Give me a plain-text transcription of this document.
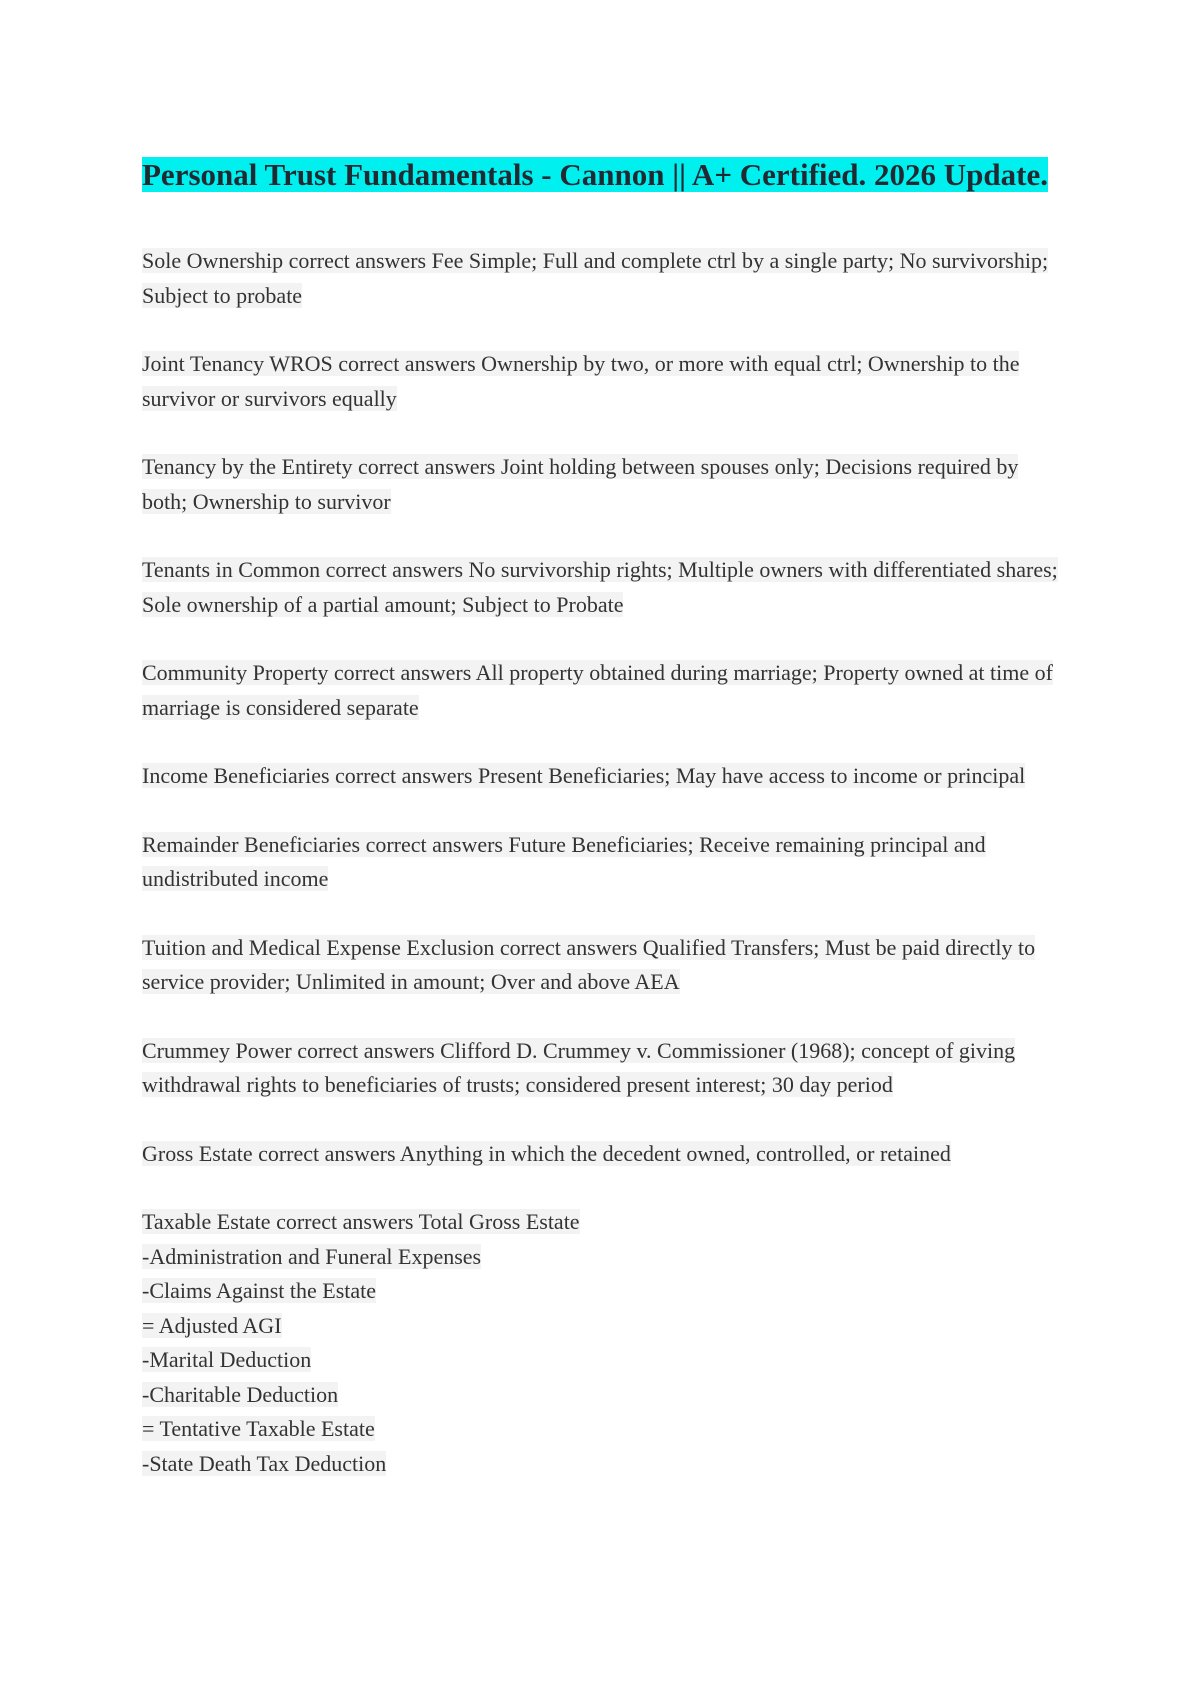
Personal Trust Fundamentals - Cannon || A+ Certified. 2026 Update.

Sole Ownership correct answers Fee Simple; Full and complete ctrl by a single party; No survivorship; Subject to probate

Joint Tenancy WROS correct answers Ownership by two, or more with equal ctrl; Ownership to the survivor or survivors equally

Tenancy by the Entirety correct answers Joint holding between spouses only; Decisions required by both; Ownership to survivor

Tenants in Common correct answers No survivorship rights; Multiple owners with differentiated shares; Sole ownership of a partial amount; Subject to Probate

Community Property correct answers All property obtained during marriage; Property owned at time of marriage is considered separate

Income Beneficiaries correct answers Present Beneficiaries; May have access to income or principal

Remainder Beneficiaries correct answers Future Beneficiaries; Receive remaining principal and undistributed income

Tuition and Medical Expense Exclusion correct answers Qualified Transfers; Must be paid directly to service provider; Unlimited in amount; Over and above AEA

Crummey Power correct answers Clifford D. Crummey v. Commissioner (1968); concept of giving withdrawal rights to beneficiaries of trusts; considered present interest; 30 day period

Gross Estate correct answers Anything in which the decedent owned, controlled, or retained

Taxable Estate correct answers Total Gross Estate
-Administration and Funeral Expenses
-Claims Against the Estate
= Adjusted AGI
-Marital Deduction
-Charitable Deduction
= Tentative Taxable Estate
-State Death Tax Deduction
